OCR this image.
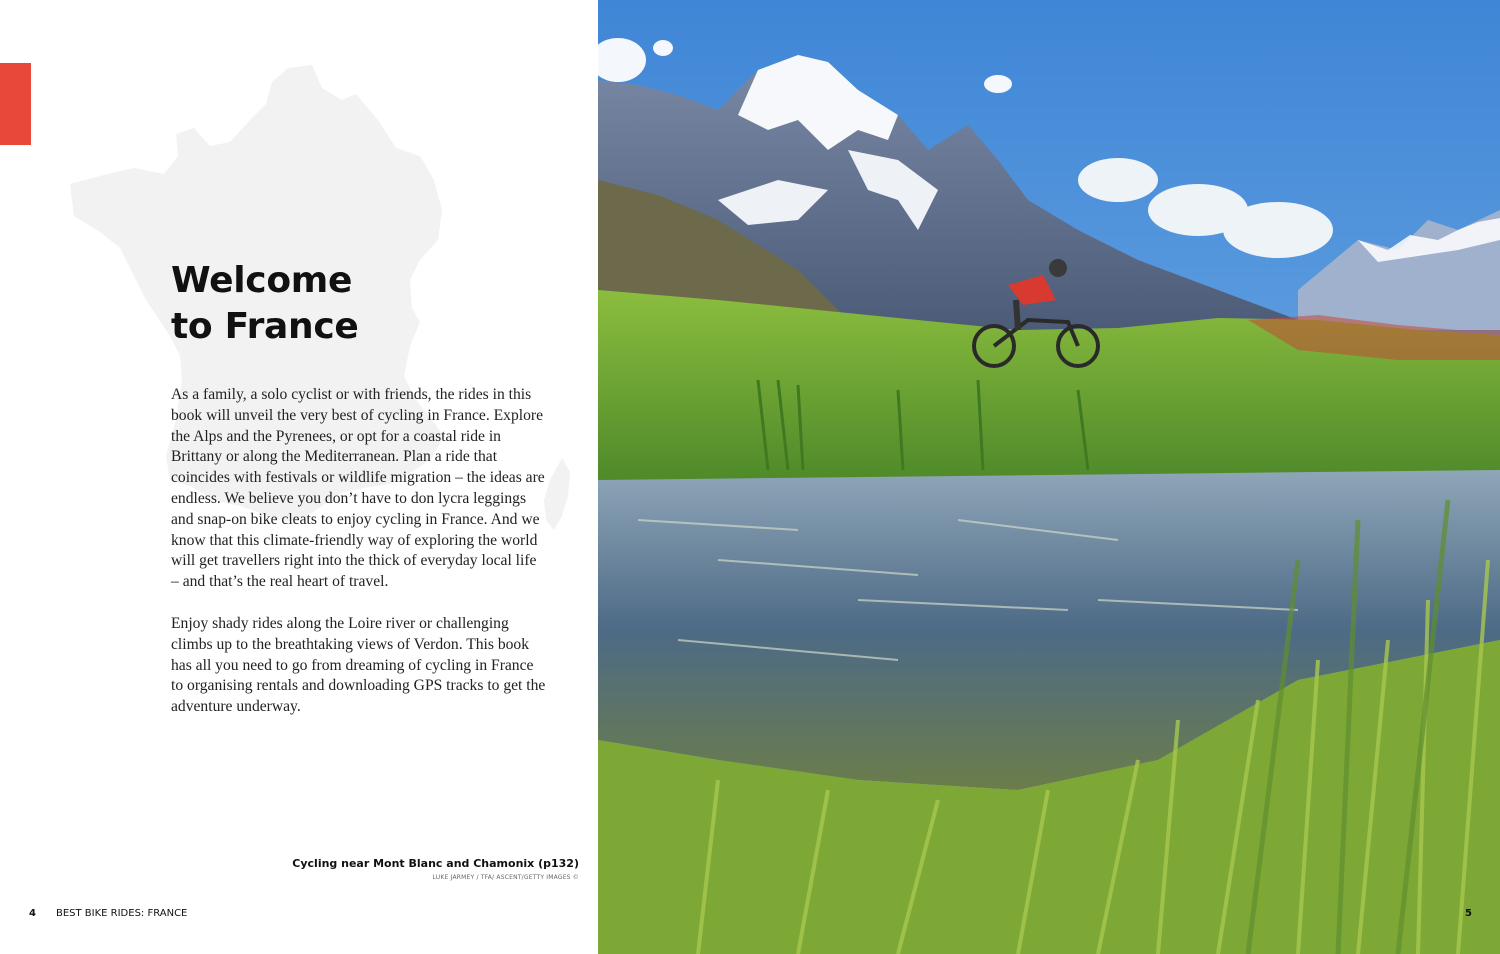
Welcome
to France

As a family, a solo cyclist or with friends, the rides in this book will unveil the very best of cycling in France. Explore the Alps and the Pyrenees, or opt for a coastal ride in Brittany or along the Mediterranean. Plan a ride that coincides with festivals or wildlife migration – the ideas are endless. We believe you don’t have to don lycra leggings and snap-on bike cleats to enjoy cycling in France. And we know that this climate-friendly way of exploring the world will get travellers right into the thick of everyday local life – and that’s the real heart of travel.

Enjoy shady rides along the Loire river or challenging climbs up to the breathtaking views of Verdon. This book has all you need to go from dreaming of cycling in France to organising rentals and downloading GPS tracks to get the adventure underway.

Cycling near Mont Blanc and Chamonix (p132)
LUKE JARMEY / TFA/ ASCENT/GETTY IMAGES ©
4 BEST BIKE RIDES: FRANCE	5
